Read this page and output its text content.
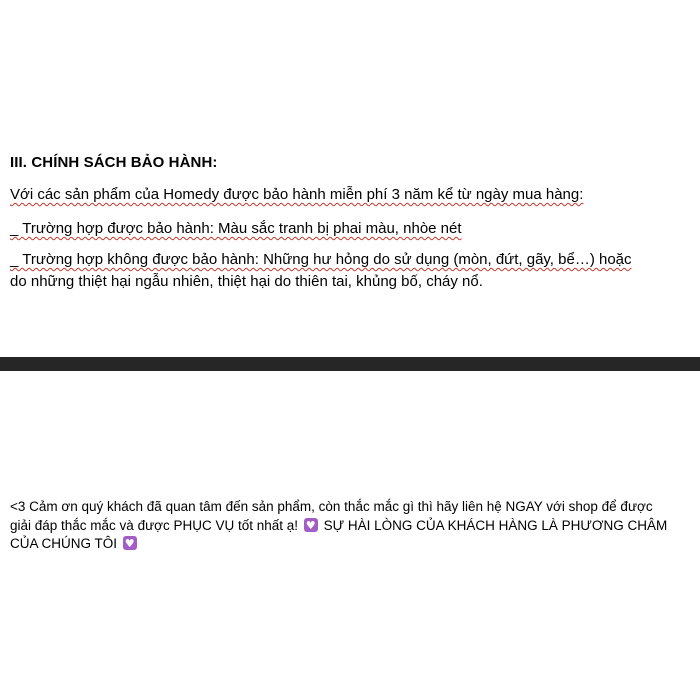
III. CHÍNH SÁCH BẢO HÀNH:
Với các sản phẩm của Homedy được bảo hành miễn phí 3 năm kể từ ngày mua hàng:
_ Trường hợp được bảo hành: Màu sắc tranh bị phai màu, nhòe nét
_ Trường hợp không được bảo hành: Những hư hỏng do sử dụng (mòn, đứt, gãy, bể…) hoặc
do những thiệt hại ngẫu nhiên, thiệt hại do thiên tai, khủng bố, cháy nổ.
<3 Cảm ơn quý khách đã quan tâm đến sản phẩm, còn thắc mắc gì thì hãy liên hệ NGAY với shop để được giải đáp thắc mắc và được PHỤC VỤ tốt nhất ạ! ♥ SỰ HÀI LÒNG CỦA KHÁCH HÀNG LÀ PHƯƠNG CHÂM CỦA CHÚNG TÔI ♥
